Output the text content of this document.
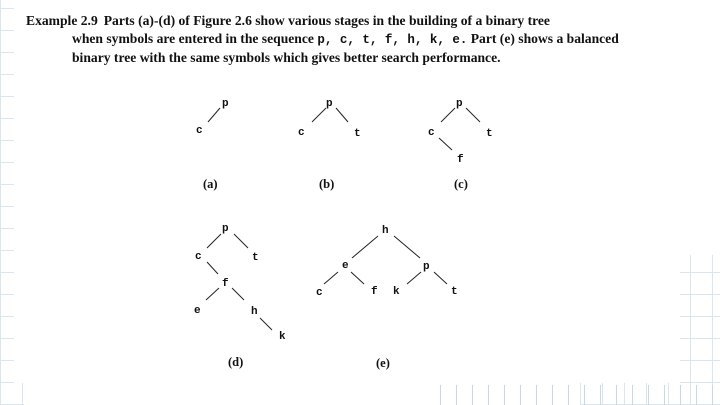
Example 2.9 Parts (a)-(d) of Figure 2.6 show various stages in the building of a binary tree
when symbols are entered in the sequence p, c, t, f, h, k, e. Part (e) shows a balanced
binary tree with the same symbols which gives better search performance.
p
c
(a)
p
c	t
(b)
p
c	t
f
(c)
p
c	t
f
e	h
k
(d)
h
e	p
c	f k	t
(e)
